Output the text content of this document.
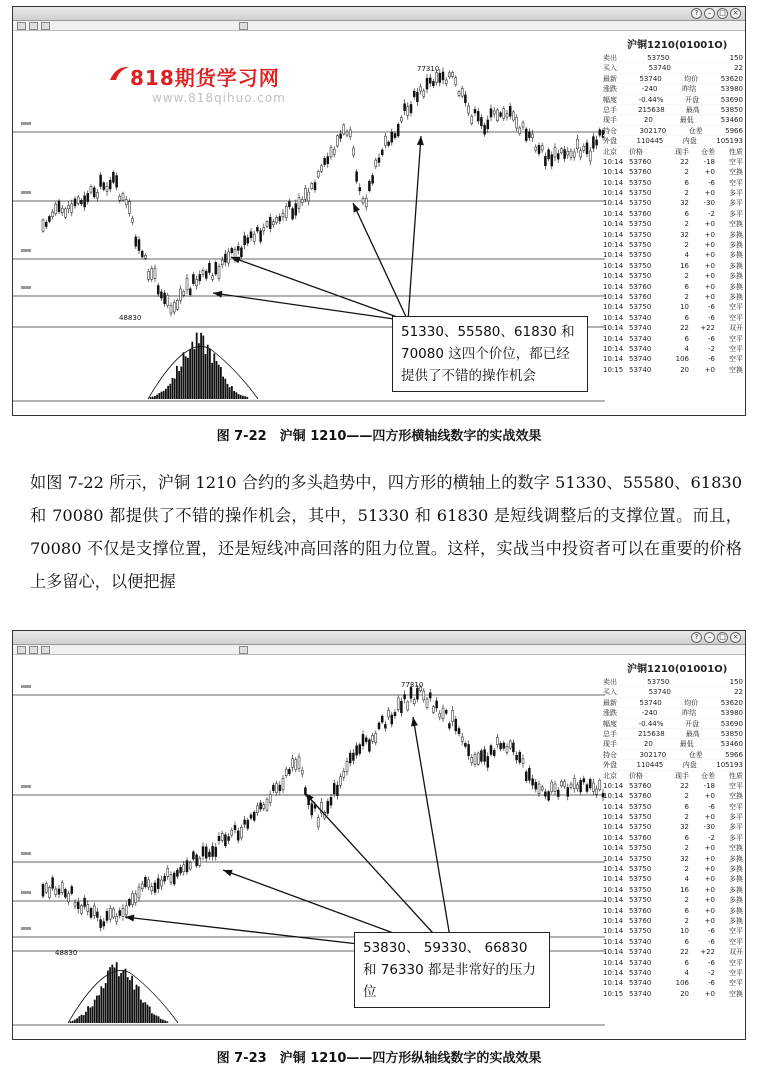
?	–	□ ×
77310
48830
818期货学习网
www.818qihuo.com
沪铜1210(01001O)
卖出	53750	150
买入	53740	22
最新	53740	均价	53620
涨跌	-240	昨结	53980
幅度	-0.44%	开盘	53690
总手	215638	最高	53850
现手	20	最低	53460
持仓	302170	仓差	5966
外盘	110445	内盘	105193
北京	价格	现手	仓差	性质
10:14 53760	22	-18	空平
10:14 53760	2	+0	空换
10:14 53750	6	-6	空平
10:14 53750	2	+0	多平
10:14 53750	32	-30	多平
10:14 53760	6	-2	多平
10:14 53750	2	+0	空换
10:14 53750	32	+0	多换
10:14 53750	2	+0	多换
10:14 53750	4	+0	多换
10:14 53750	16	+0	多换
10:14 53750	2	+0	多换
10:14 53760	6	+0	多换
10:14 53760	2	+0	多换
10:14 53750	10	-6	空平
10:14 53740	6	-6	空平
10:14 53740	22	+22	双开
10:14 53740	6	-6	空平
10:14 53740	4	-2	空平
10:14 53740	106	-6	空平
10:15 53740	20	+0	空换
51330、55580、61830 和 70080 这四个价位，都已经提供了不错的操作机会
图 7-22　沪铜 1210——四方形横轴线数字的实战效果
如图 7-22 所示，沪铜 1210 合约的多头趋势中，四方形的横轴上的数字 51330、55580、61830 和 70080 都提供了不错的操作机会，其中，51330 和 61830 是短线调整后的支撑位置。而且，70080 不仅是支撑位置，还是短线冲高回落的阻力位置。这样，实战当中投资者可以在重要的价格上多留心，以便把握
?	–	□ ×
77310
48830
沪铜1210(01001O)
卖出	53750	150
买入	53740	22
最新	53740	均价	53620
涨跌	-240	昨结	53980
幅度	-0.44%	开盘	53690
总手	215638	最高	53850
现手	20	最低	53460
持仓	302170	仓差	5966
外盘	110445	内盘	105193
北京	价格	现手	仓差	性质
10:14 53760	22	-18	空平
10:14 53760	2	+0	空换
10:14 53750	6	-6	空平
10:14 53750	2	+0	多平
10:14 53750	32	-30	多平
10:14 53760	6	-2	多平
10:14 53750	2	+0	空换
10:14 53750	32	+0	多换
10:14 53750	2	+0	多换
10:14 53750	4	+0	多换
10:14 53750	16	+0	多换
10:14 53750	2	+0	多换
10:14 53760	6	+0	多换
10:14 53760	2	+0	多换
10:14 53750	10	-6	空平
10:14 53740	6	-6	空平
10:14 53740	22	+22	双开
10:14 53740	6	-6	空平
10:14 53740	4	-2	空平
10:14 53740	106	-6	空平
10:15 53740	20	+0	空换
53830、 59330、 66830 和 76330 都是非常好的压力位
图 7-23　沪铜 1210——四方形纵轴线数字的实战效果
